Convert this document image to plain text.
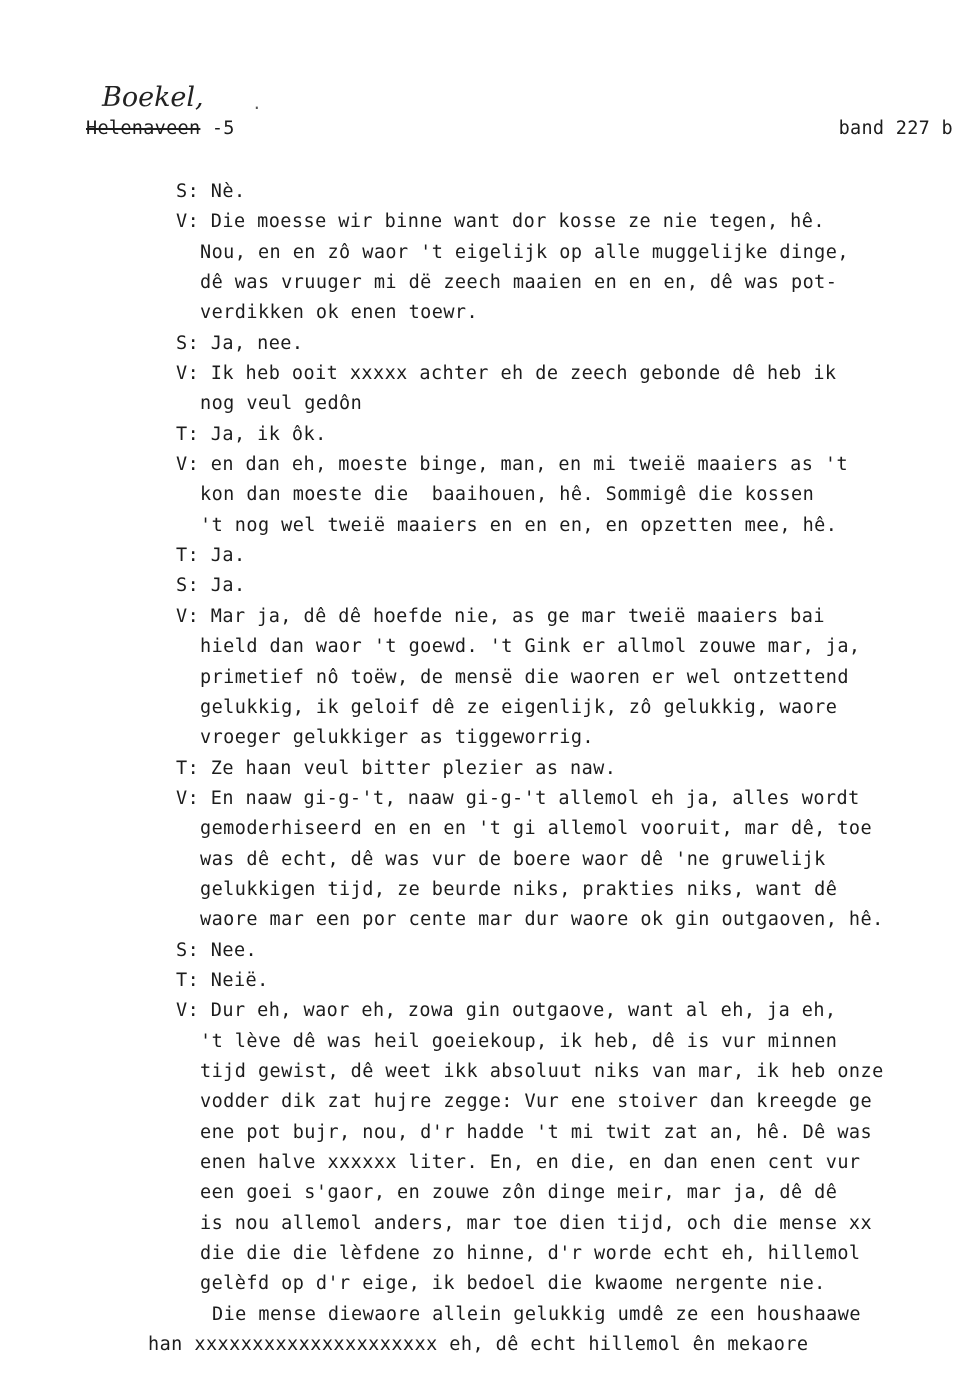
Boekel,	.
Helenaveen -5	band 227 b
S: Nè.
V: Die moesse wir binne want dor kosse ze nie tegen, hê.
Nou, en en zô waor 't eigelijk op alle muggelijke dinge,
dê was vruuger mi dë zeech maaien en en en, dê was pot-
verdikken ok enen toewr.
S: Ja, nee.
V: Ik heb ooit xxxxx achter eh de zeech gebonde dê heb ik
nog veul gedôn
T: Ja, ik ôk.
V: en dan eh, moeste binge, man, en mi tweië maaiers as 't
kon dan moeste die  baaihouen, hê. Sommigê die kossen
't nog wel tweië maaiers en en en, en opzetten mee, hê.
T: Ja.
S: Ja.
V: Mar ja, dê dê hoefde nie, as ge mar tweië maaiers bai
hield dan waor 't goewd. 't Gink er allmol zouwe mar, ja,
primetief nô toëw, de mensë die waoren er wel ontzettend
gelukkig, ik geloif dê ze eigenlijk, zô gelukkig, waore
vroeger gelukkiger as tiggeworrig.
T: Ze haan veul bitter plezier as naw.
V: En naaw gi-g-'t, naaw gi-g-'t allemol eh ja, alles wordt
gemoderhiseerd en en en 't gi allemol vooruit, mar dê, toe
was dê echt, dê was vur de boere waor dê 'ne gruwelijk
gelukkigen tijd, ze beurde niks, prakties niks, want dê
waore mar een por cente mar dur waore ok gin outgaoven, hê.
S: Nee.
T: Neië.
V: Dur eh, waor eh, zowa gin outgaove, want al eh, ja eh,
't lève dê was heil goeiekoup, ik heb, dê is vur minnen
tijd gewist, dê weet ikk absoluut niks van mar, ik heb onze
vodder dik zat hujre zegge: Vur ene stoiver dan kreegde ge
ene pot bujr, nou, d'r hadde 't mi twit zat an, hê. Dê was
enen halve xxxxxx liter. En, en die, en dan enen cent vur
een goei s'gaor, en zouwe zôn dinge meir, mar ja, dê dê
is nou allemol anders, mar toe dien tijd, och die mense xx
die die die lèfdene zo hinne, d'r worde echt eh, hillemol
gelèfd op d'r eige, ik bedoel die kwaome nergente nie.
Die mense diewaore allein gelukkig umdê ze een houshaawe
han xxxxxxxxxxxxxxxxxxxxx eh, dê echt hillemol ên mekaore
